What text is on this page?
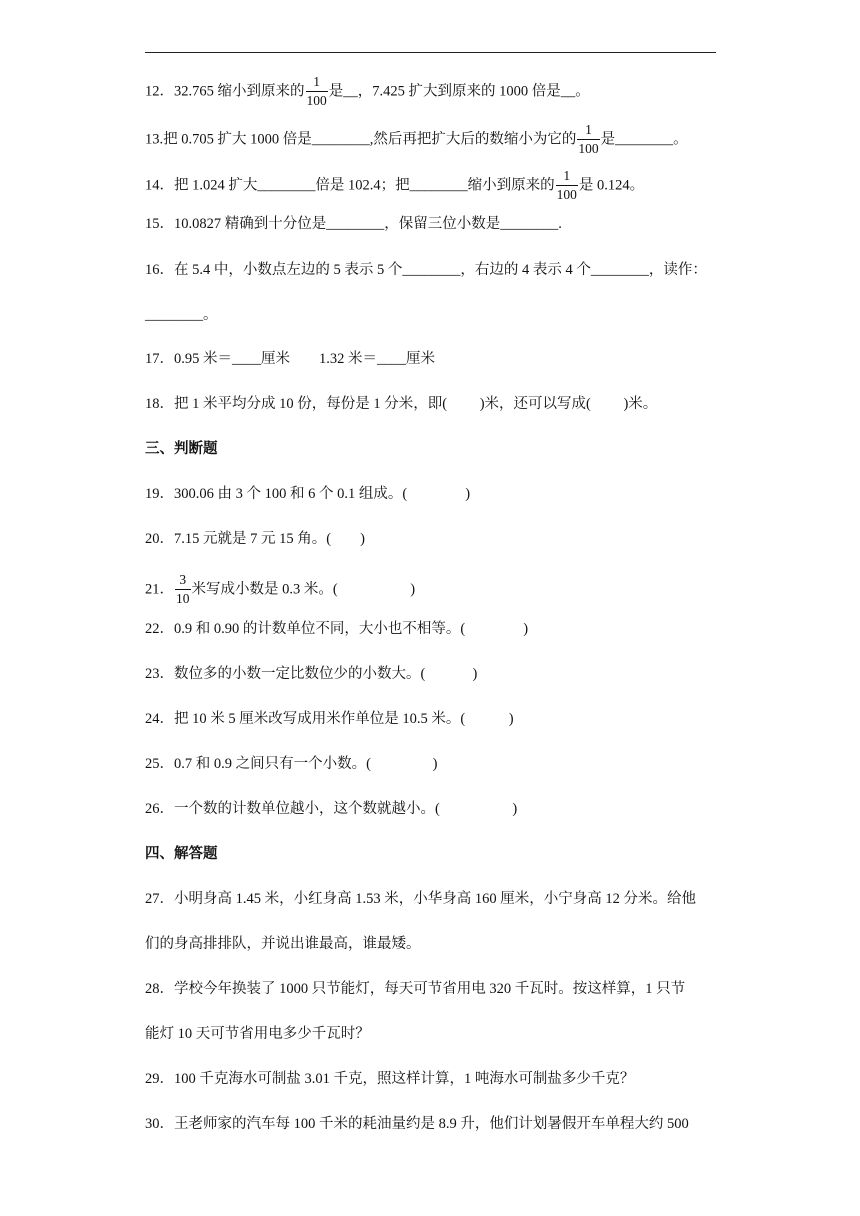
12．32.765 缩小到原来的 $\frac{1}{100}$ 是__，7.425 扩大到原来的 1000 倍是__。
13.把 0.705 扩大 1000 倍是________,然后再把扩大后的数缩小为它的 $\frac{1}{100}$ 是________。
14．把 1.024 扩大________倍是 102.4；把________缩小到原来的 $\frac{1}{100}$ 是 0.124。
15．10.0827 精确到十分位是________，保留三位小数是________.
16．在 5.4 中，小数点左边的 5 表示 5 个________，右边的 4 表示 4 个________，读作：
________。
17．0.95 米＝____厘米　　1.32 米＝____厘米
18．把 1 米平均分成 10 份，每份是 1 分米，即(　　 )米，还可以写成(　　 )米。
三、判断题
19．300.06 由 3 个 100 和 6 个 0.1 组成。(　　　　)
20．7.15 元就是 7 元 15 角。(　　)
21． $\frac{3}{10}$ 米写成小数是 0.3 米。(　　　　　)
22．0.9 和 0.90 的计数单位不同，大小也不相等。(　　　　)
23．数位多的小数一定比数位少的小数大。(　　　 )
24．把 10 米 5 厘米改写成用米作单位是 10.5 米。(　　　)
25．0.7 和 0.9 之间只有一个小数。(　　　　 )
26．一个数的计数单位越小，这个数就越小。(　　　　　)
四、解答题
27．小明身高 1.45 米，小红身高 1.53 米，小华身高 160 厘米，小宁身高 12 分米。给他
们的身高排排队，并说出谁最高，谁最矮。
28．学校今年换装了 1000 只节能灯，每天可节省用电 320 千瓦时。按这样算，1 只节
能灯 10 天可节省用电多少千瓦时？
29．100 千克海水可制盐 3.01 千克，照这样计算，1 吨海水可制盐多少千克？
30．王老师家的汽车每 100 千米的耗油量约是 8.9 升，他们计划暑假开车单程大约 500
